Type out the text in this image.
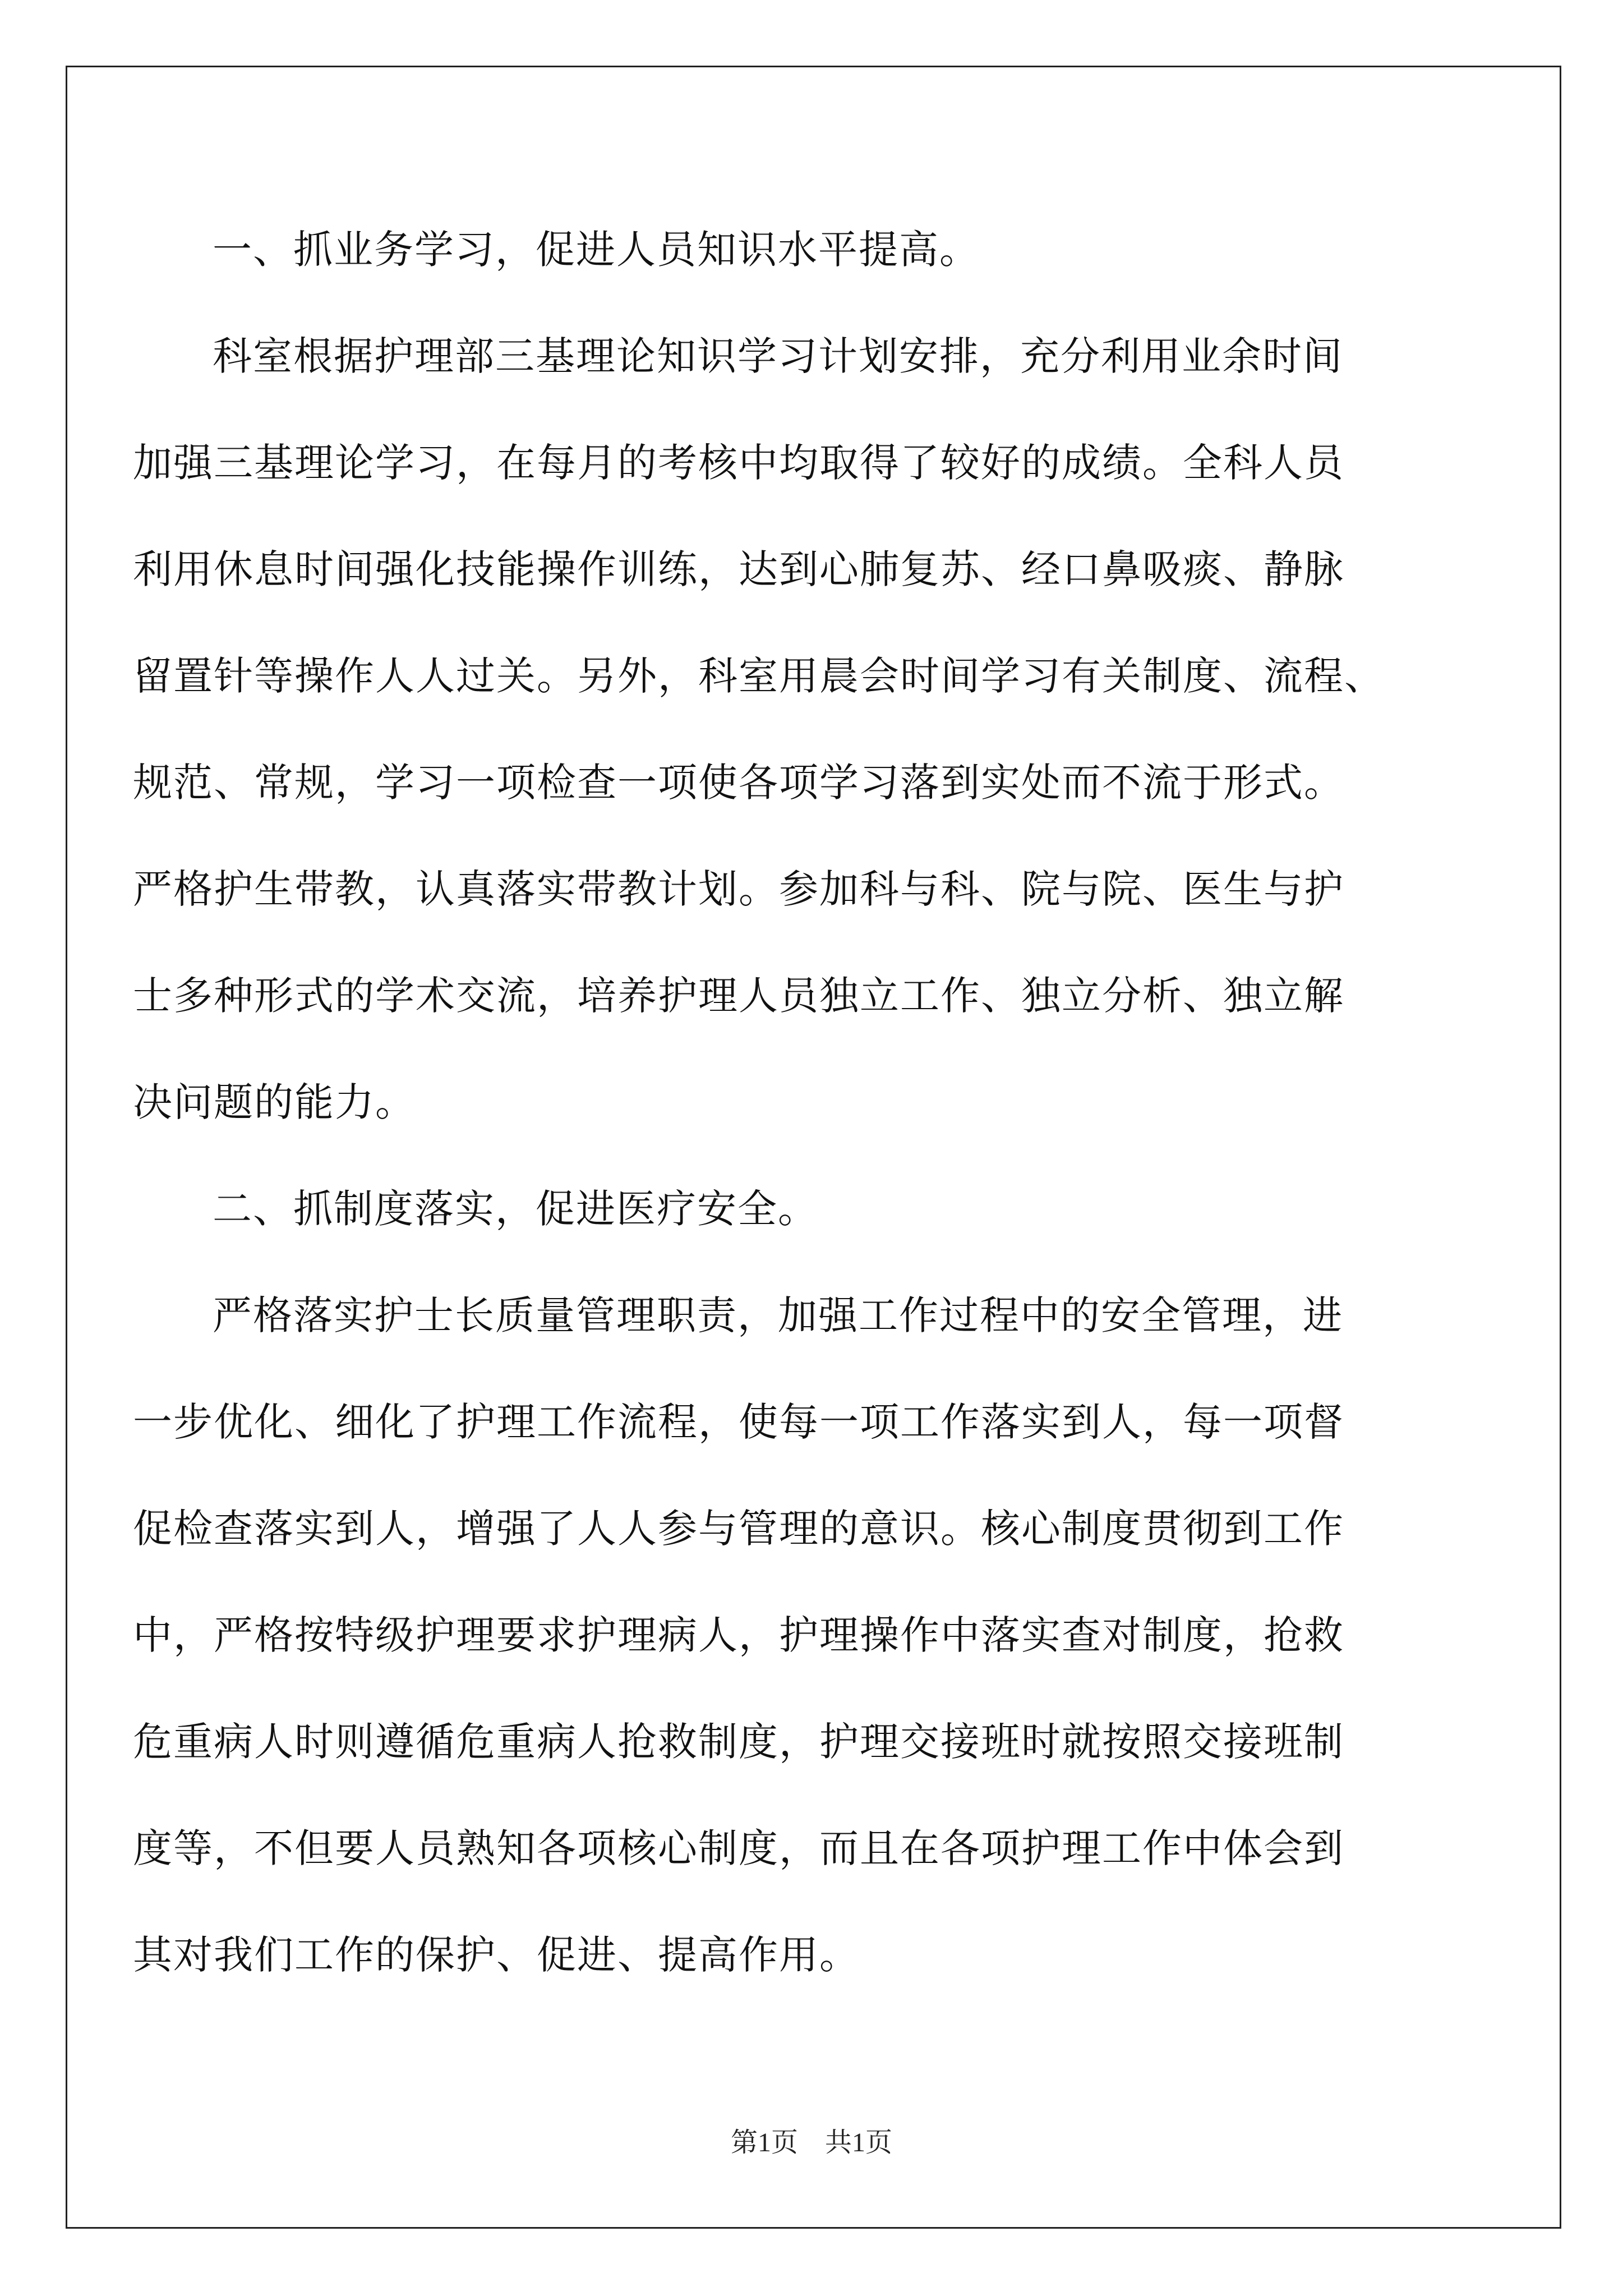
一、抓业务学习，促进人员知识水平提高。
科室根据护理部三基理论知识学习计划安排，充分利用业余时间
加强三基理论学习，在每月的考核中均取得了较好的成绩。全科人员
利用休息时间强化技能操作训练，达到心肺复苏、经口鼻吸痰、静脉
留置针等操作人人过关。另外，科室用晨会时间学习有关制度、流程、
规范、常规，学习一项检查一项使各项学习落到实处而不流于形式。
严格护生带教，认真落实带教计划。参加科与科、院与院、医生与护
士多种形式的学术交流，培养护理人员独立工作、独立分析、独立解
决问题的能力。
二、抓制度落实，促进医疗安全。
严格落实护士长质量管理职责，加强工作过程中的安全管理，进
一步优化、细化了护理工作流程，使每一项工作落实到人，每一项督
促检查落实到人，增强了人人参与管理的意识。核心制度贯彻到工作
中，严格按特级护理要求护理病人，护理操作中落实查对制度，抢救
危重病人时则遵循危重病人抢救制度，护理交接班时就按照交接班制
度等，不但要人员熟知各项核心制度，而且在各项护理工作中体会到
其对我们工作的保护、促进、提高作用。
第1页　共1页
